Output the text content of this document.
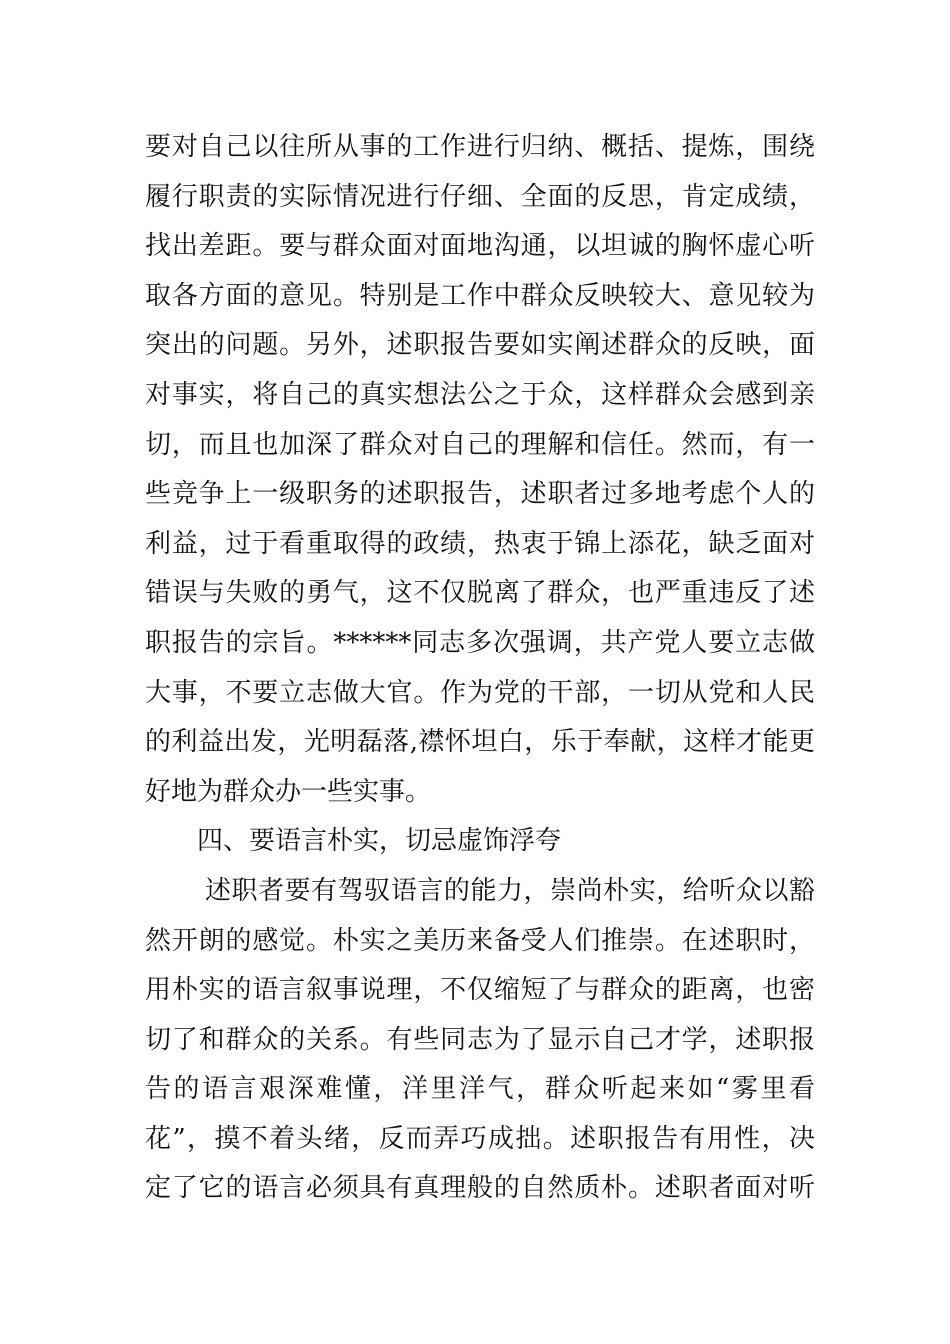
要对自己以往所从事的工作进行归纳、概括、提炼，围绕
履行职责的实际情况进行仔细、全面的反思，肯定成绩，
找出差距。要与群众面对面地沟通，以坦诚的胸怀虚心听
取各方面的意见。特别是工作中群众反映较大、意见较为
突出的问题。另外，述职报告要如实阐述群众的反映，面
对事实，将自己的真实想法公之于众，这样群众会感到亲
切，而且也加深了群众对自己的理解和信任。然而，有一
些竞争上一级职务的述职报告，述职者过多地考虑个人的
利益，过于看重取得的政绩，热衷于锦上添花，缺乏面对
错误与失败的勇气，这不仅脱离了群众，也严重违反了述
职报告的宗旨。******同志多次强调，共产党人要立志做
大事，不要立志做大官。作为党的干部，一切从党和人民
的利益出发，光明磊落,襟怀坦白，乐于奉献，这样才能更
好地为群众办一些实事。
四、要语言朴实，切忌虚饰浮夸
述职者要有驾驭语言的能力，崇尚朴实，给听众以豁
然开朗的感觉。朴实之美历来备受人们推崇。在述职时，
用朴实的语言叙事说理，不仅缩短了与群众的距离，也密
切了和群众的关系。有些同志为了显示自己才学，述职报
告的语言艰深难懂，洋里洋气，群众听起来如“雾里看
花”，摸不着头绪，反而弄巧成拙。述职报告有用性，决
定了它的语言必须具有真理般的自然质朴。述职者面对听
